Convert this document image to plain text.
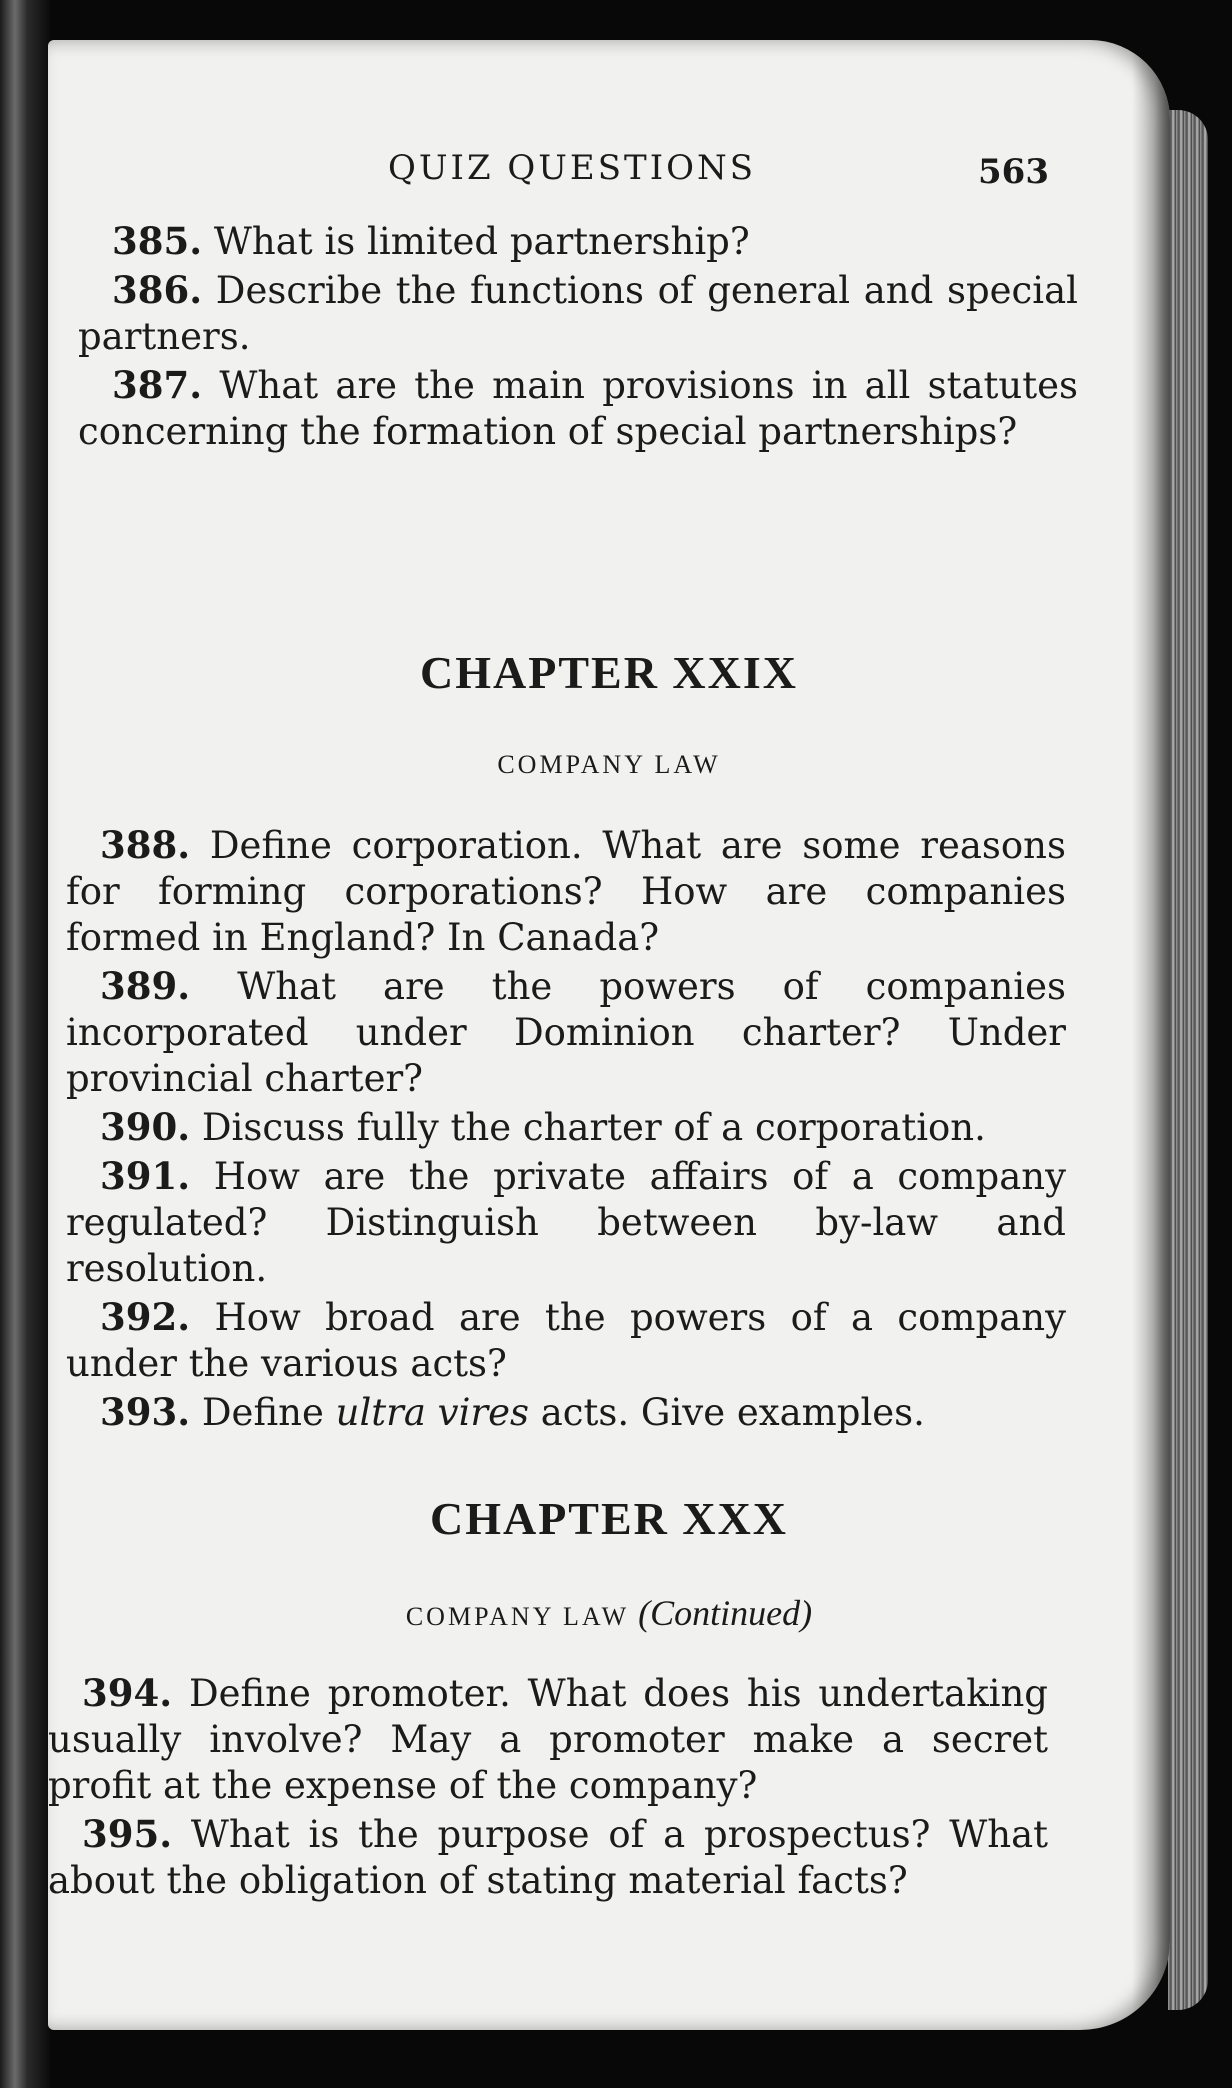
QUIZ QUESTIONS	563

385. What is limited partnership?

386. Describe the functions of general and special partners.

387. What are the main provisions in all statutes concerning the formation of special partnerships?

CHAPTER XXIX
COMPANY LAW

388. Define corporation. What are some reasons for forming corporations? How are companies formed in England? In Canada?

389. What are the powers of companies incorporated under Dominion charter? Under provincial charter?

390. Discuss fully the charter of a corporation.

391. How are the private affairs of a company regulated? Distinguish between by-law and resolution.

392. How broad are the powers of a company under the various acts?

393. Define ultra vires acts. Give examples.

CHAPTER XXX
COMPANY LAW (Continued)

394. Define promoter. What does his undertaking usually involve? May a promoter make a secret profit at the expense of the company?

395. What is the purpose of a prospectus? What about the obligation of stating material facts?
